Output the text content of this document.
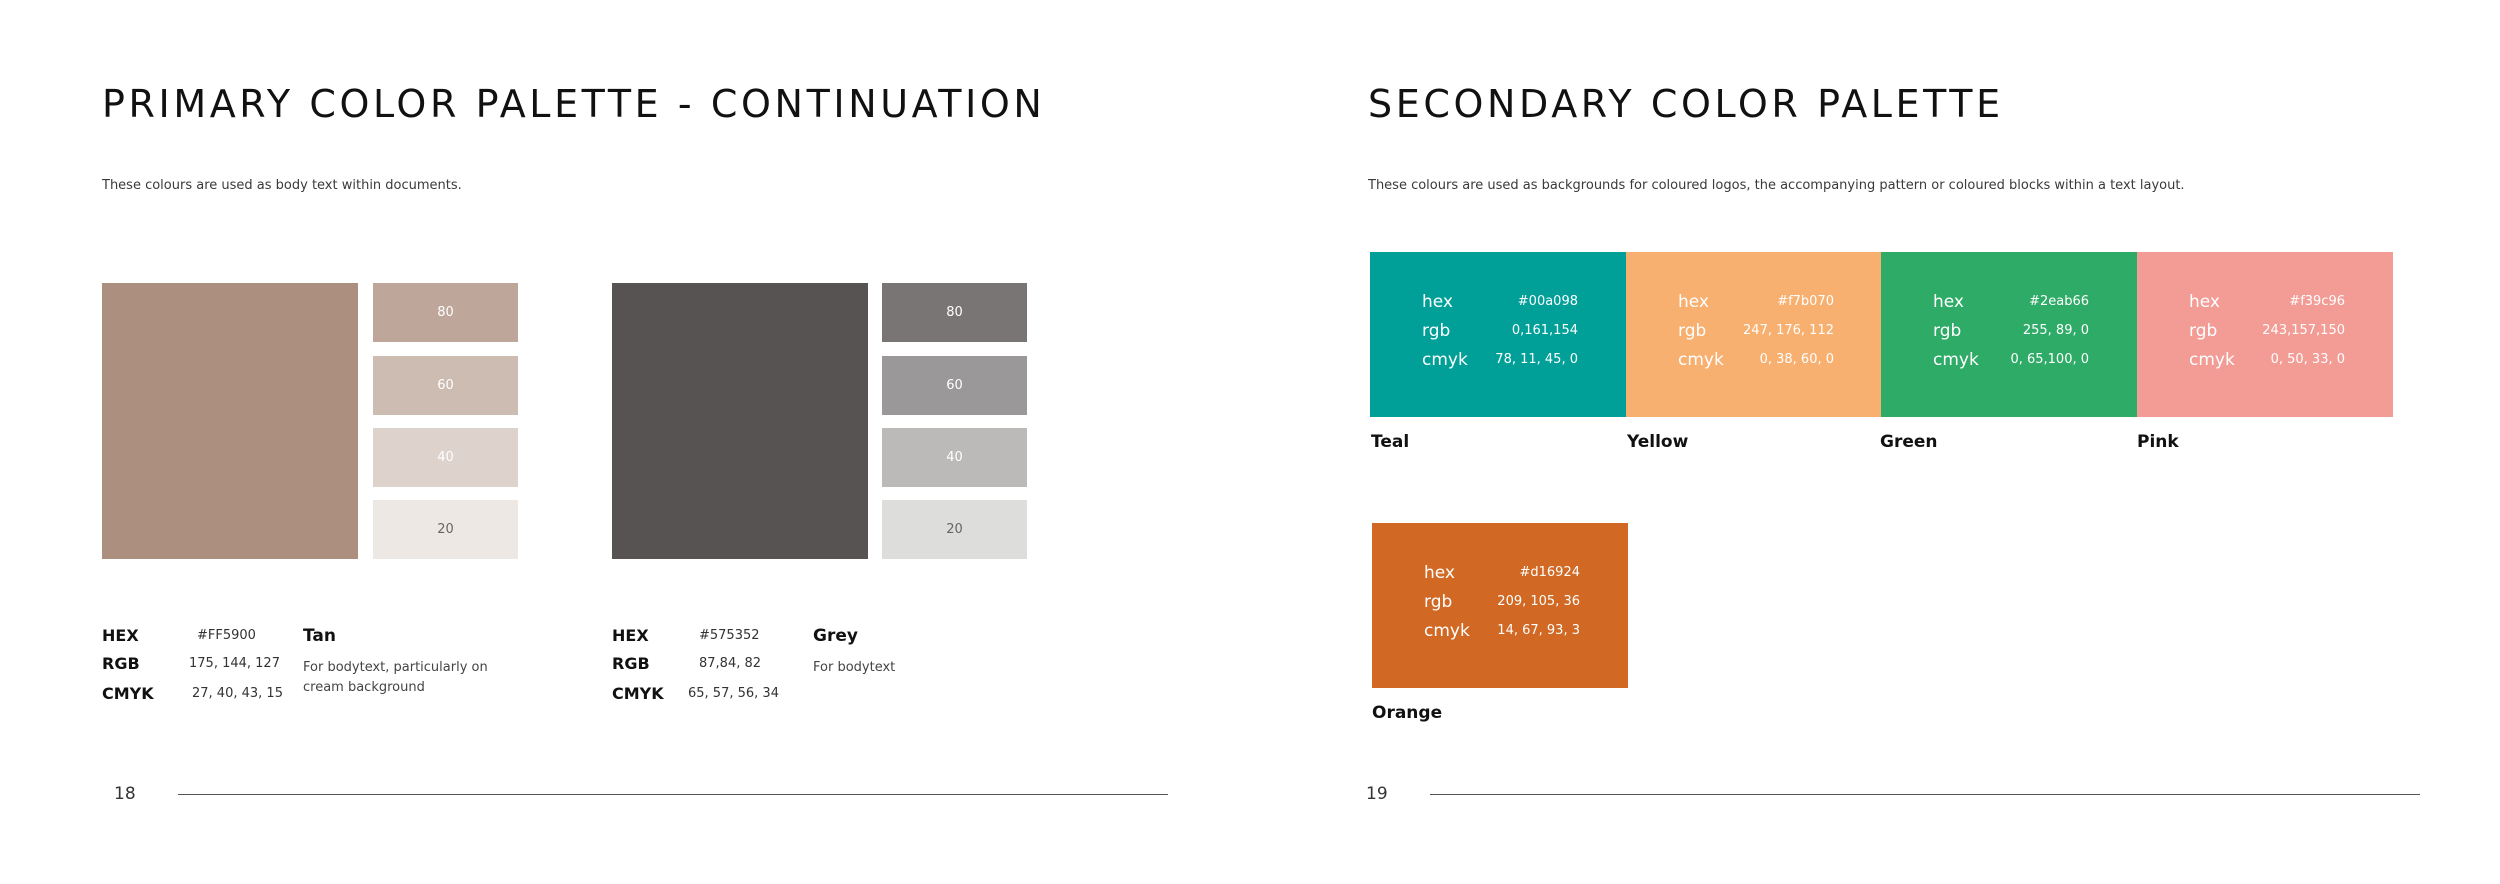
PRIMARY COLOR PALETTE - CONTINUATION
These colours are used as body text within documents.
80
60
40
20
HEX
RGB
CMYK
#FF5900
175, 144, 127
27, 40, 43, 15
Tan
For bodytext, particularly on cream background
80
60
40
20
HEX
RGB
CMYK
#575352
87,84, 82
65, 57, 56, 34
Grey
For bodytext
18
SECONDARY COLOR PALETTE
These colours are used as backgrounds for coloured logos, the accompanying pattern or coloured blocks within a text layout.
hex
rgb
cmyk
#00a098
0,161,154
78, 11, 45, 0
Teal
hex
rgb
cmyk
#f7b070
247, 176, 112
0, 38, 60, 0
Yellow
hex
rgb
cmyk
#2eab66
255, 89, 0
0, 65,100, 0
Green
hex
rgb
cmyk
#f39c96
243,157,150
0, 50, 33, 0
Pink
hex
rgb
cmyk
#d16924
209, 105, 36
14, 67, 93, 3
Orange
19
